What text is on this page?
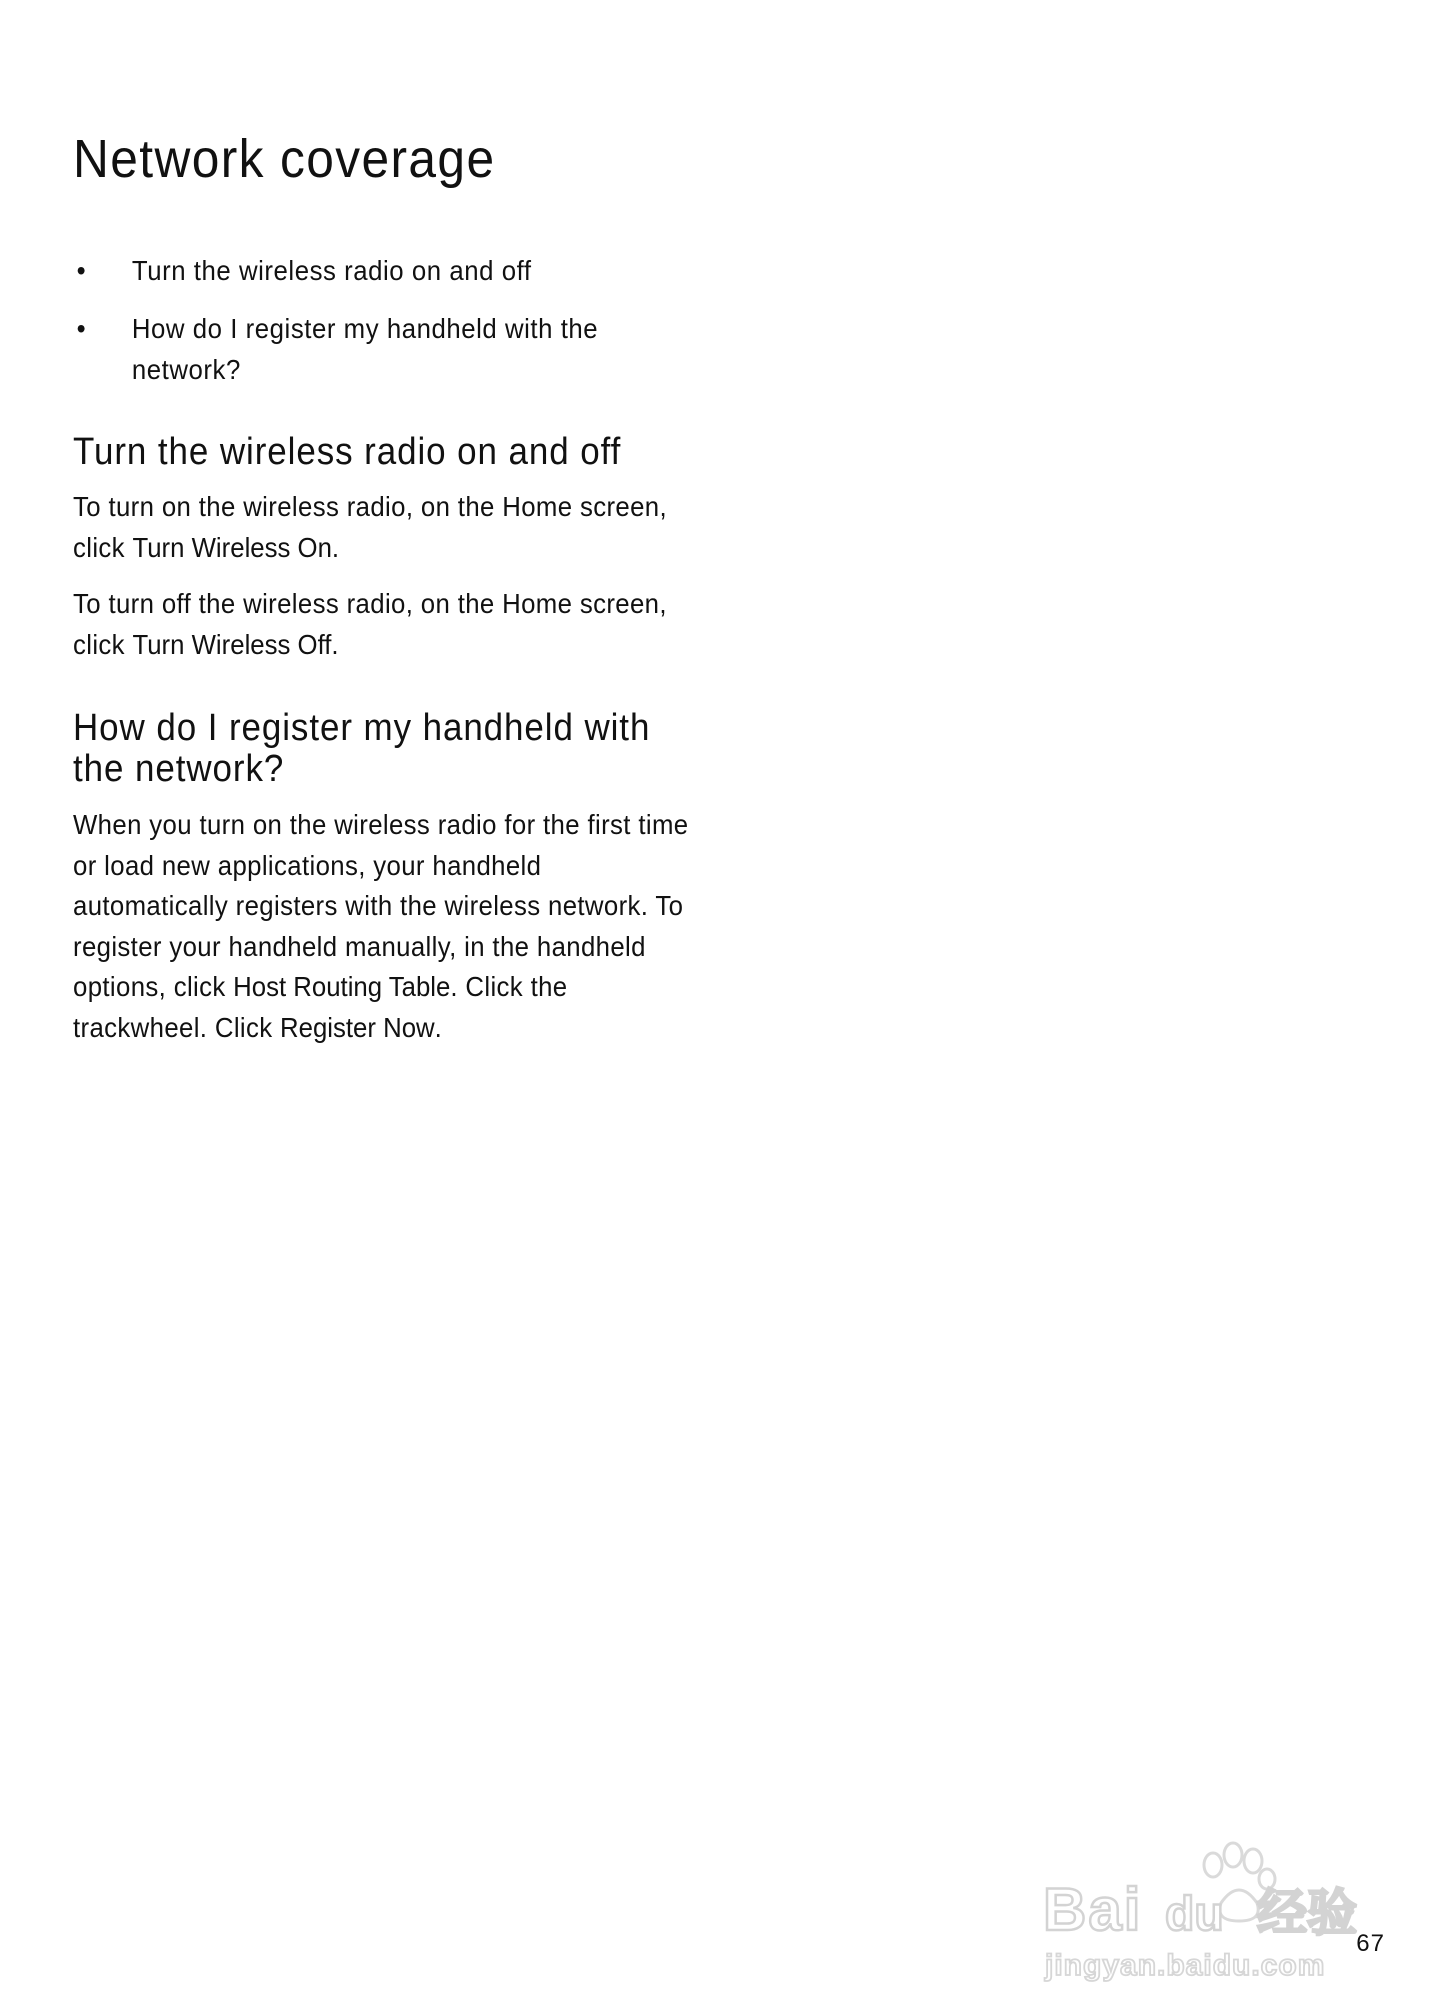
Network coverage
• Turn the wireless radio on and off
• How do I register my handheld with the network?
Turn the wireless radio on and off

To turn on the wireless radio, on the Home screen, click Turn Wireless On.

To turn off the wireless radio, on the Home screen, click Turn Wireless Off.

How do I register my handheld with the network?

When you turn on the wireless radio for the first time or load new applications, your handheld automatically registers with the wireless network. To register your handheld manually, in the handheld options, click Host Routing Table. Click the trackwheel. Click Register Now.

67
Bai du 经验
jingyan.baidu.com
